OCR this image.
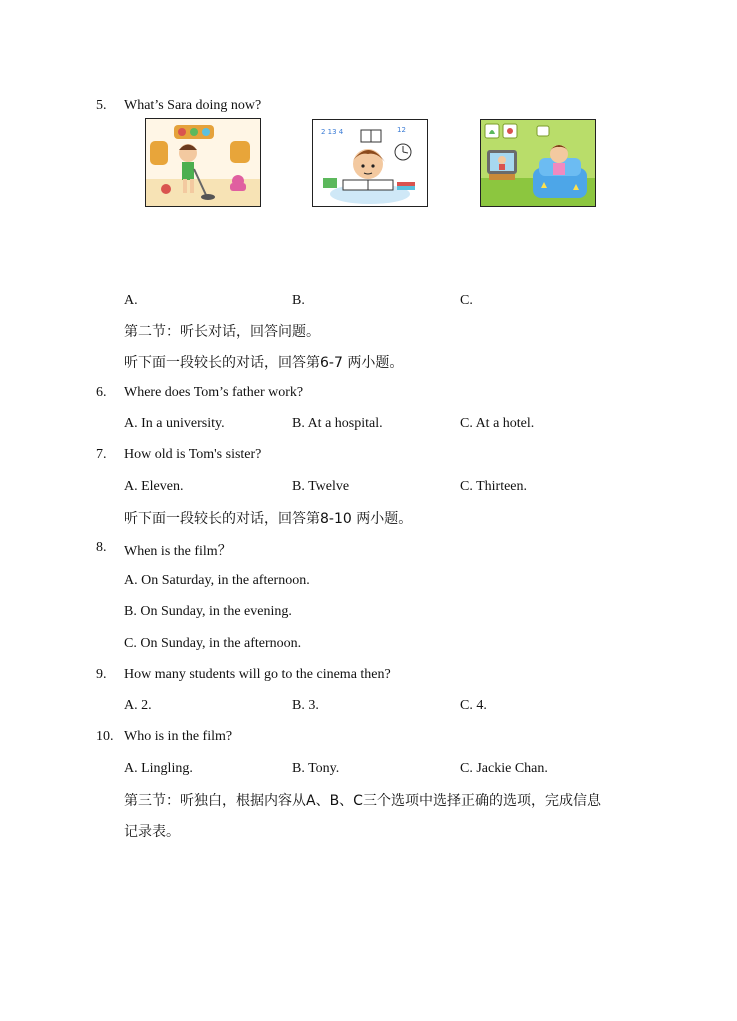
5. What’s Sara doing now?
2 13 4	12
A.	B.	C.
第二节：听长对话，回答问题。
听下面一段较长的对话，回答第6-7 两小题。
6. Where does Tom’s father work?
A. In a university.	B. At a hospital.	C. At a hotel.
7. How old is Tom's sister?
A. Eleven.	B. Twelve	C. Thirteen.
听下面一段较长的对话，回答第8-10 两小题。
8. When is the film？
A. On Saturday, in the afternoon.
B. On Sunday, in the evening.
C. On Sunday, in the afternoon.
9. How many students will go to the cinema then?
A. 2.	B. 3.	C. 4.
10. Who is in the film?
A. Lingling.	B. Tony.	C. Jackie Chan.
第三节：听独白，根据内容从A、B、C三个选项中选择正确的选项，完成信息
记录表。
